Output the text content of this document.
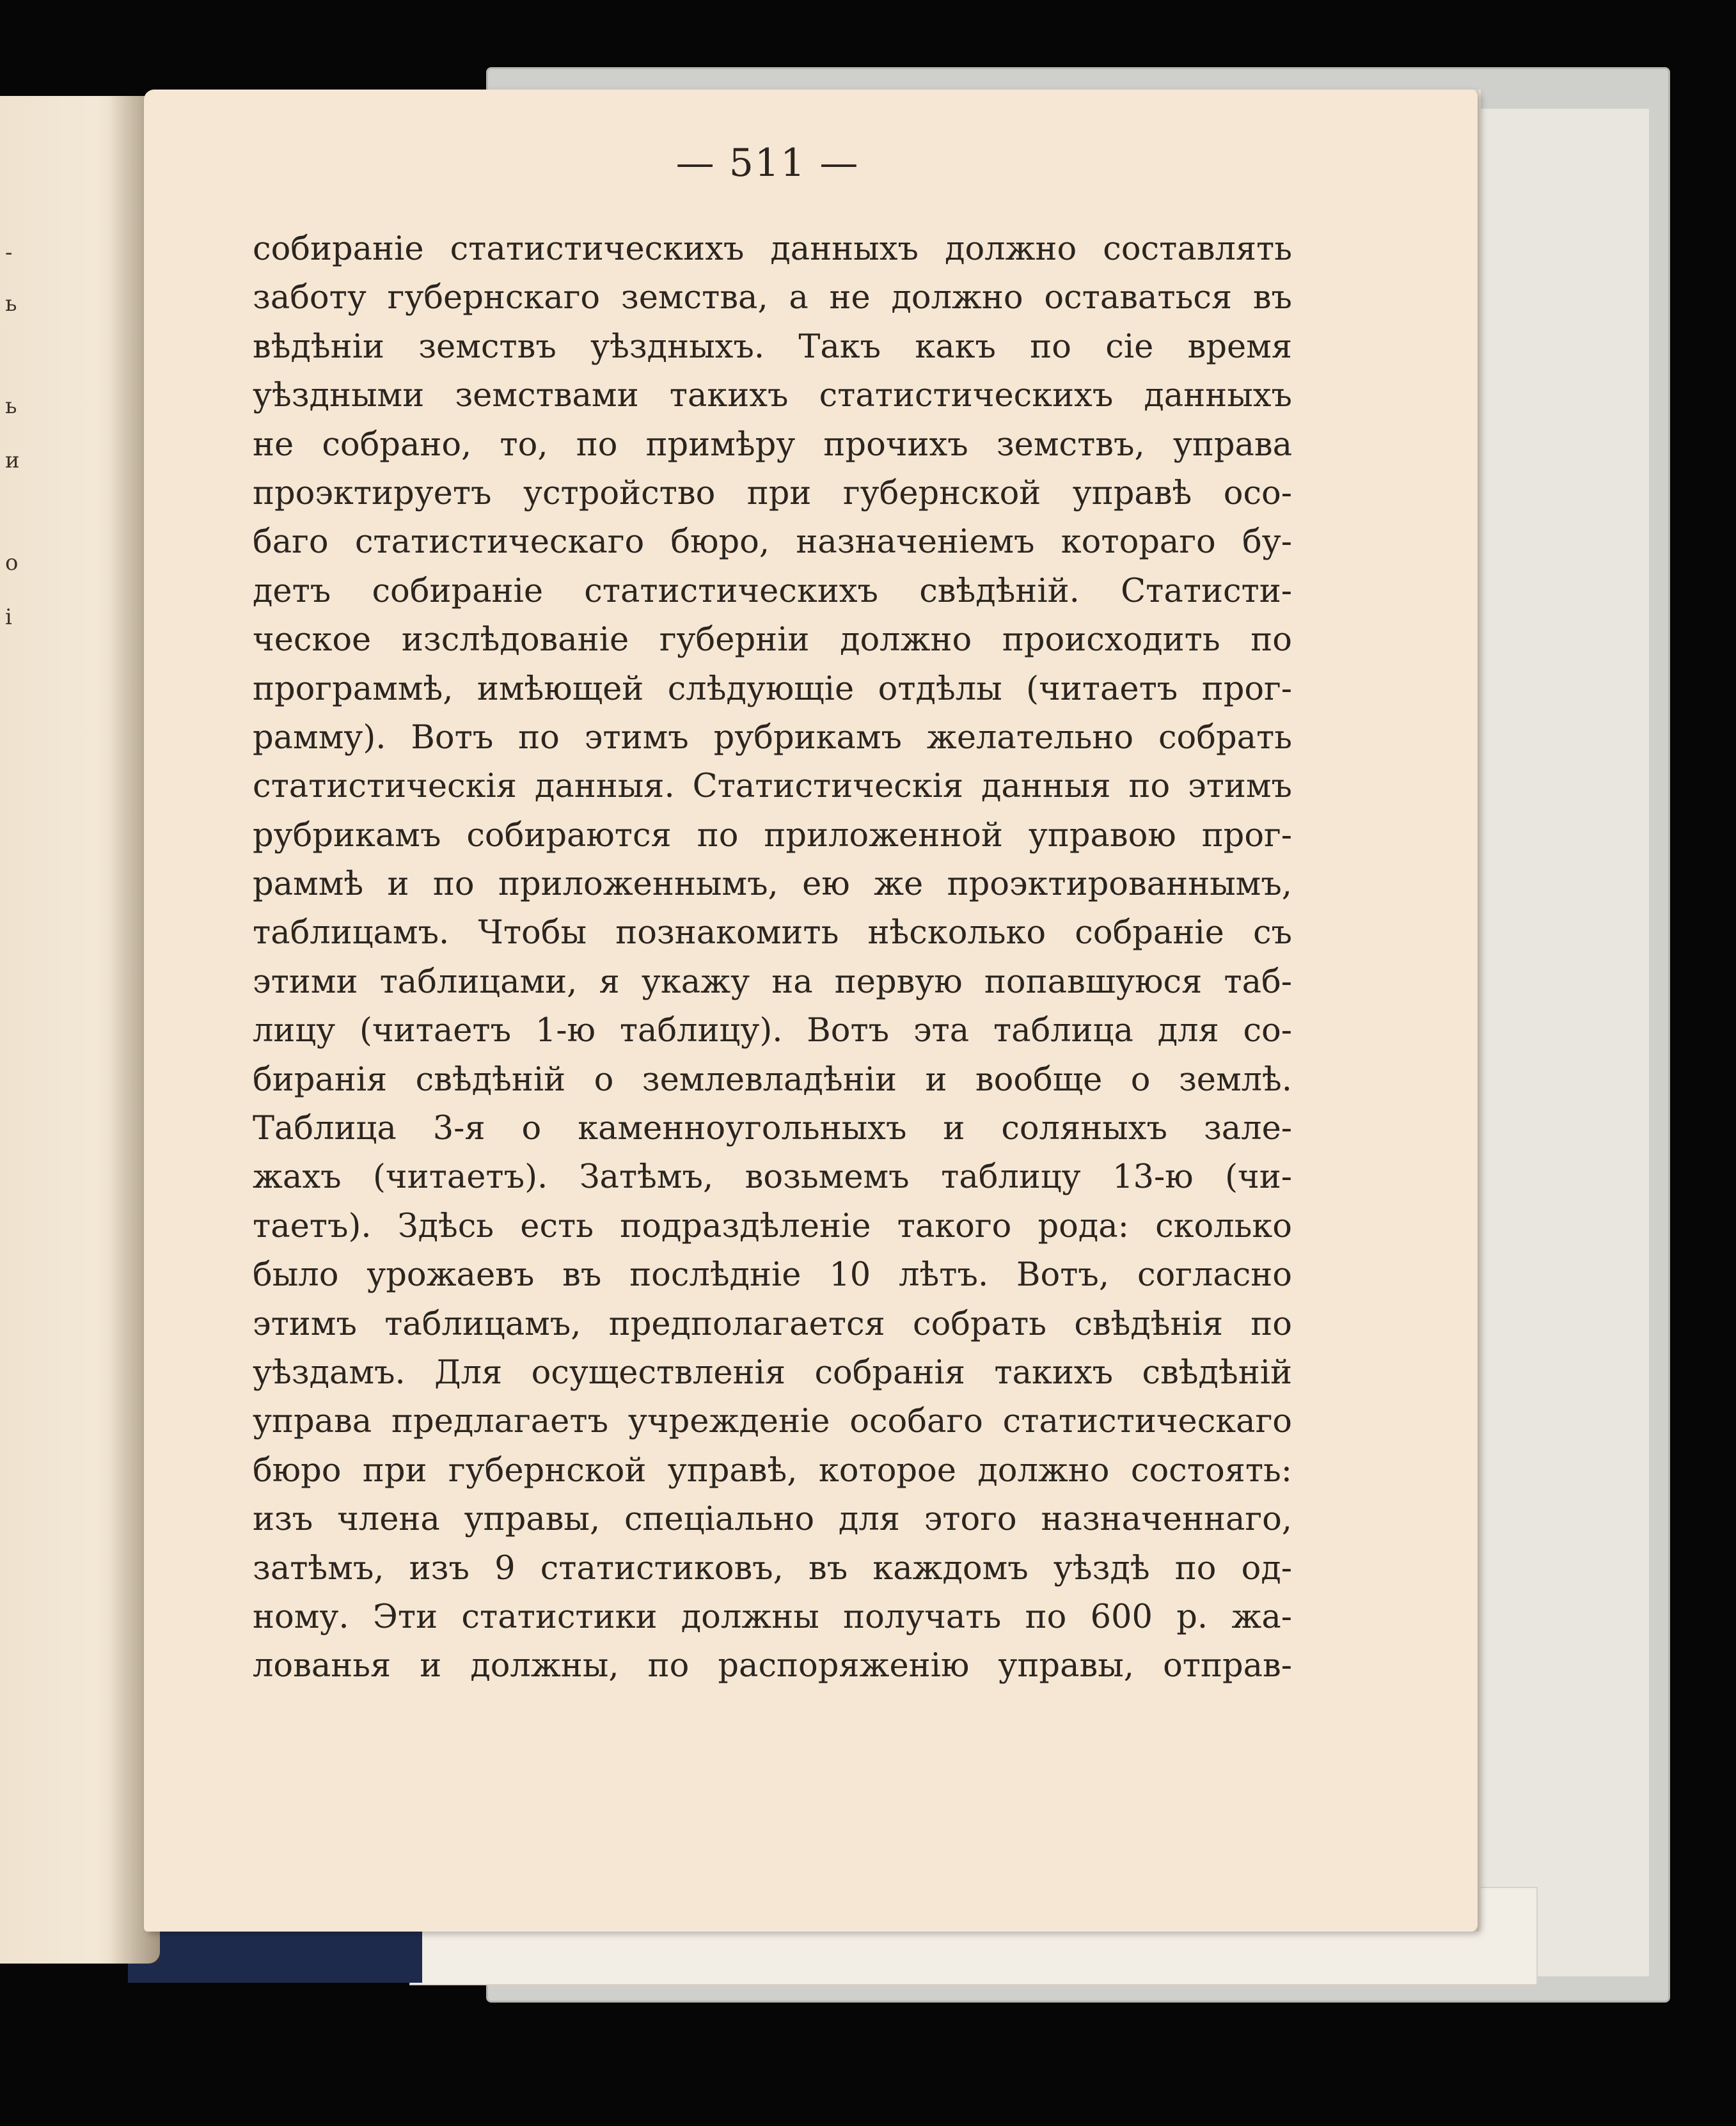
-
ь
ь
и
о
і
— 511 —
собираніе статистическихъ данныхъ должно составлять
заботу губернскаго земства, а не должно оставаться въ
вѣдѣніи земствъ уѣздныхъ. Такъ какъ по сіе время
уѣздными земствами такихъ статистическихъ данныхъ
не собрано, то, по примѣру прочихъ земствъ, управа
проэктируетъ устройство при губернской управѣ осо-
баго статистическаго бюро, назначеніемъ котораго бу-
детъ собираніе статистическихъ свѣдѣній. Статисти-
ческое изслѣдованіе губерніи должно происходить по
программѣ, имѣющей слѣдующіе отдѣлы (читаетъ прог-
рамму). Вотъ по этимъ рубрикамъ желательно собрать
статистическія данныя. Статистическія данныя по этимъ
рубрикамъ собираются по приложенной управою прог-
раммѣ и по приложеннымъ, ею же проэктированнымъ,
таблицамъ. Чтобы познакомить нѣсколько собраніе съ
этими таблицами, я укажу на первую попавшуюся таб-
лицу (читаетъ 1-ю таблицу). Вотъ эта таблица для со-
биранія свѣдѣній о землевладѣніи и вообще о землѣ.
Таблица 3-я о каменноугольныхъ и соляныхъ зале-
жахъ (читаетъ). Затѣмъ, возьмемъ таблицу 13-ю (чи-
таетъ). Здѣсь есть подраздѣленіе такого рода: сколько
было урожаевъ въ послѣдніе 10 лѣтъ. Вотъ, согласно
этимъ таблицамъ, предполагается собрать свѣдѣнія по
уѣздамъ. Для осуществленія собранія такихъ свѣдѣній
управа предлагаетъ учрежденіе особаго статистическаго
бюро при губернской управѣ, которое должно состоять:
изъ члена управы, спеціально для этого назначеннаго,
затѣмъ, изъ 9 статистиковъ, въ каждомъ уѣздѣ по од-
ному. Эти статистики должны получать по 600 р. жа-
лованья и должны, по распоряженію управы, отправ-
